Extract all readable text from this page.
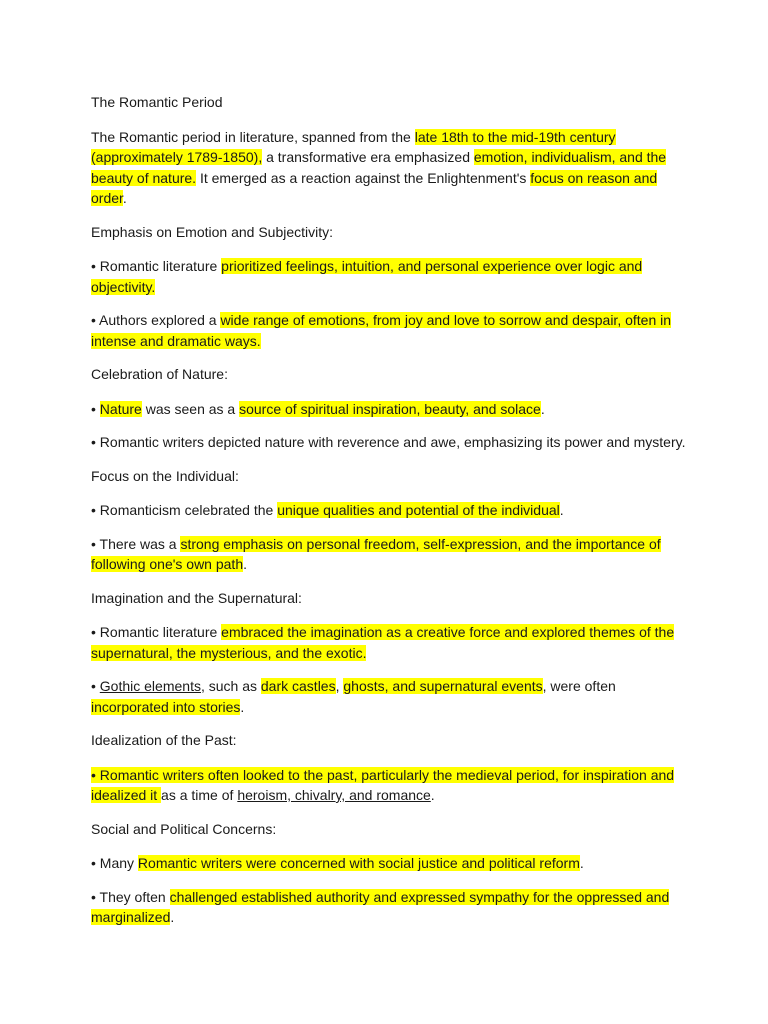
The Romantic Period

The Romantic period in literature, spanned from the late 18th to the mid-19th century (approximately 1789-1850), a transformative era emphasized emotion, individualism, and the beauty of nature. It emerged as a reaction against the Enlightenment's focus on reason and order.

Emphasis on Emotion and Subjectivity:

• Romantic literature prioritized feelings, intuition, and personal experience over logic and objectivity.

• Authors explored a wide range of emotions, from joy and love to sorrow and despair, often in intense and dramatic ways.

Celebration of Nature:

• Nature was seen as a source of spiritual inspiration, beauty, and solace.

• Romantic writers depicted nature with reverence and awe, emphasizing its power and mystery.

Focus on the Individual:

• Romanticism celebrated the unique qualities and potential of the individual.

• There was a strong emphasis on personal freedom, self-expression, and the importance of following one's own path.

Imagination and the Supernatural:

• Romantic literature embraced the imagination as a creative force and explored themes of the supernatural, the mysterious, and the exotic.

• Gothic elements, such as dark castles, ghosts, and supernatural events, were often incorporated into stories.

Idealization of the Past:

• Romantic writers often looked to the past, particularly the medieval period, for inspiration and idealized it as a time of heroism, chivalry, and romance.

Social and Political Concerns:

• Many Romantic writers were concerned with social justice and political reform.

• They often challenged established authority and expressed sympathy for the oppressed and marginalized.
